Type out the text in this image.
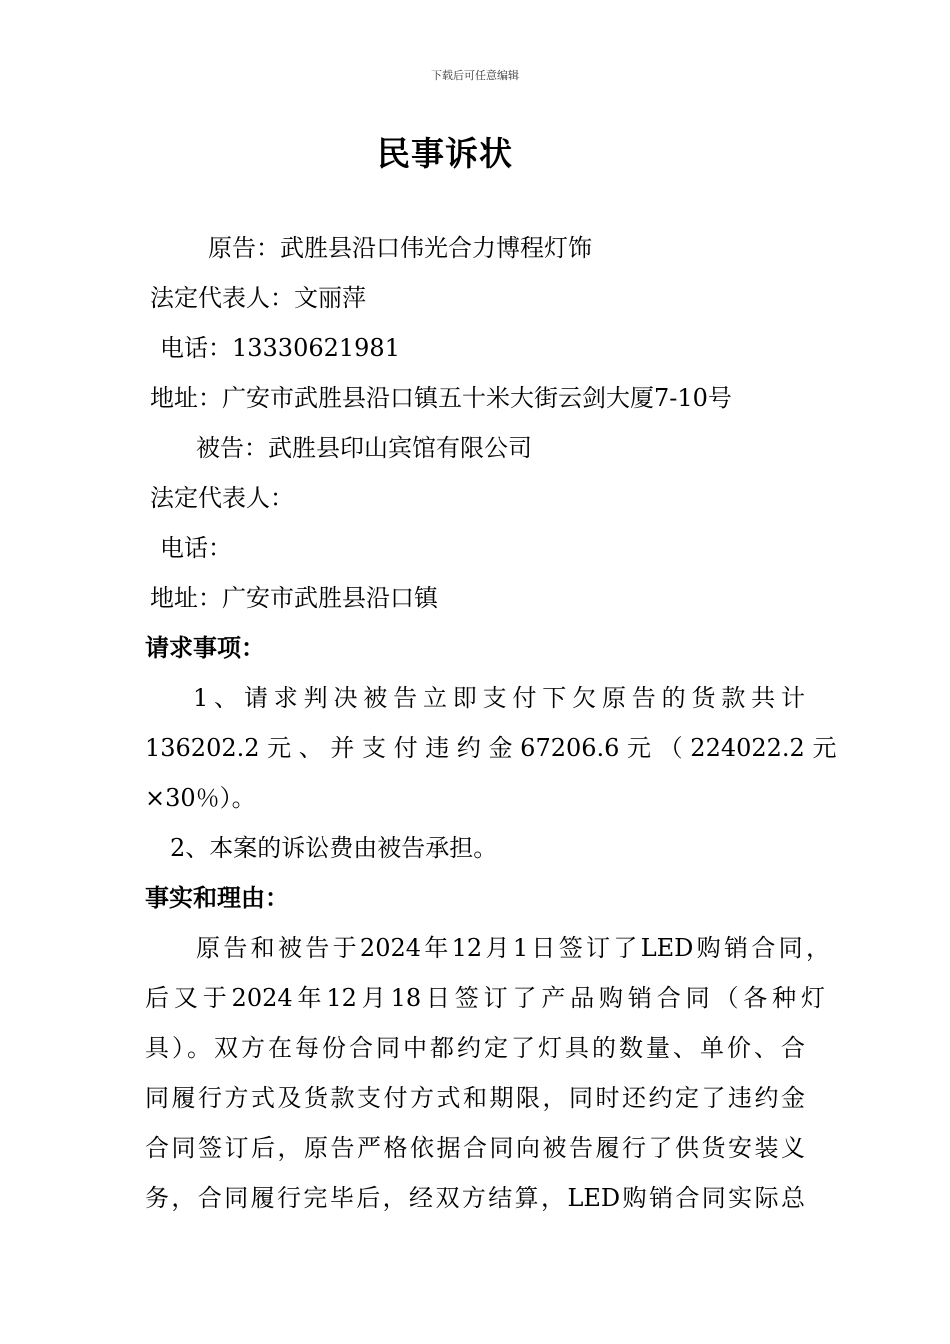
下载后可任意编辑
民事诉状
原告：武胜县沿口伟光合力博程灯饰
法定代表人：文丽萍
电话：13330621981
地址：广安市武胜县沿口镇五十米大街云剑大厦7-10号
被告：武胜县印山宾馆有限公司
法定代表人：
电话：
地址：广安市武胜县沿口镇
请求事项：
1、请求判决被告立即支付下欠原告的货款共计
136202.2 元 、 并 支 付 违 约 金 67206.6 元 （ 224022.2 元
×30％）。
2、本案的诉讼费由被告承担。
事实和理由：
原告和被告于2024年12月1日签订了LED购销合同，
后又于2024年12月18日签订了产品购销合同（各种灯
具）。双方在每份合同中都约定了灯具的数量、单价、合
同履行方式及货款支付方式和期限，同时还约定了违约金
合同签订后，原告严格依据合同向被告履行了供货安装义
务，合同履行完毕后，经双方结算，LED购销合同实际总
